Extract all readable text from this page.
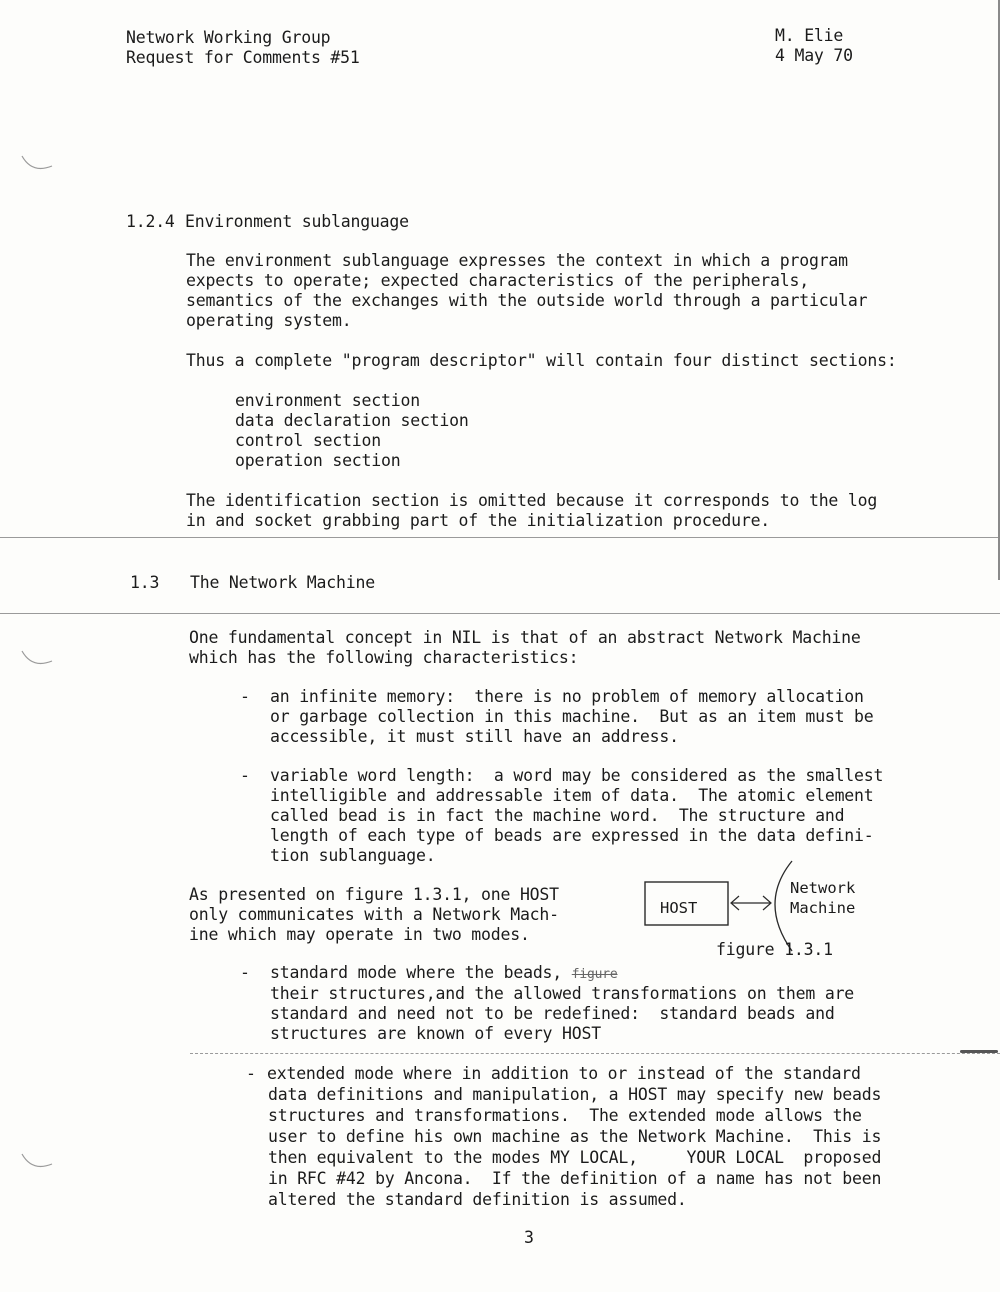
Network Working Group
Request for Comments #51
M. Elie
4 May 70
1.2.4 Environment sublanguage
The environment sublanguage expresses the context in which a program
expects to operate; expected characteristics of the peripherals,
semantics of the exchanges with the outside world through a particular
operating system.
Thus a complete "program descriptor" will contain four distinct sections:
environment section
data declaration section
control section
operation section
The identification section is omitted because it corresponds to the log
in and socket grabbing part of the initialization procedure.
1.3 The Network Machine
One fundamental concept in NIL is that of an abstract Network Machine
which has the following characteristics:
- an infinite memory:  there is no problem of memory allocation
or garbage collection in this machine.  But as an item must be
accessible, it must still have an address.
- variable word length:  a word may be considered as the smallest
intelligible and addressable item of data.  The atomic element
called bead is in fact the machine word.  The structure and
length of each type of beads are expressed in the data defini-
tion sublanguage.
As presented on figure 1.3.1, one HOST
only communicates with a Network Mach-
ine which may operate in two modes.
HOST
Network
Machine
figure 1.3.1
- standard mode where the beads, figure
their structures,and the allowed transformations on them are
standard and need not to be redefined:  standard beads and
structures are known of every HOST
- extended mode where in addition to or instead of the standard
data definitions and manipulation, a HOST may specify new beads
structures and transformations.  The extended mode allows the
user to define his own machine as the Network Machine.  This is
then equivalent to the modes MY LOCAL,     YOUR LOCAL  proposed
in RFC #42 by Ancona.  If the definition of a name has not been
altered the standard definition is assumed.
3
